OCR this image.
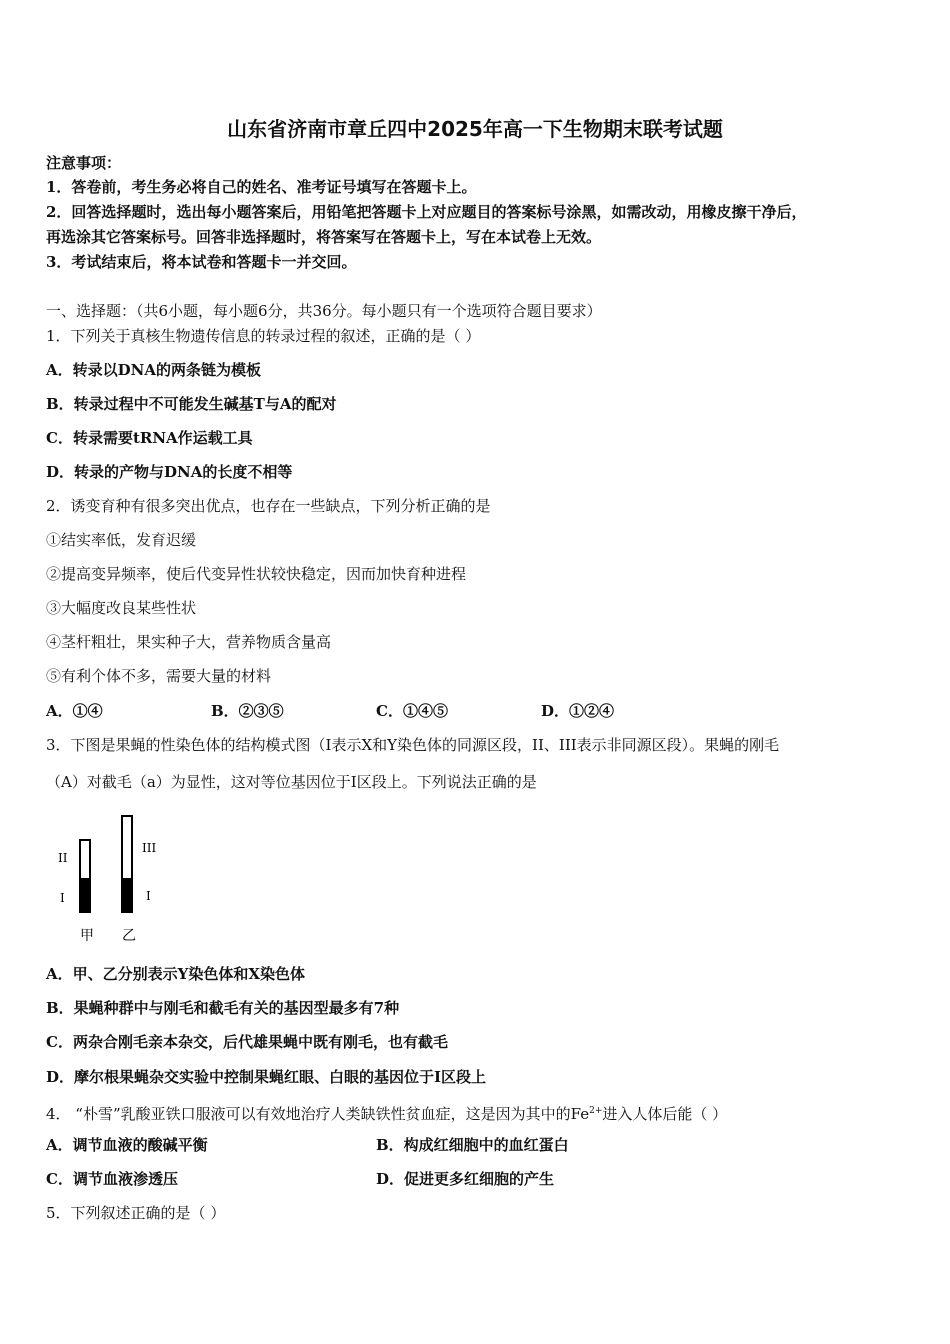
山东省济南市章丘四中2025年高一下生物期末联考试题
注意事项：
1．答卷前，考生务必将自己的姓名、准考证号填写在答题卡上。
2．回答选择题时，选出每小题答案后，用铅笔把答题卡上对应题目的答案标号涂黑，如需改动，用橡皮擦干净后，
再选涂其它答案标号。回答非选择题时，将答案写在答题卡上，写在本试卷上无效。
3．考试结束后，将本试卷和答题卡一并交回。
一、选择题：（共6小题，每小题6分，共36分。每小题只有一个选项符合题目要求）
1．下列关于真核生物遗传信息的转录过程的叙述，正确的是（ ）
A．转录以DNA的两条链为模板
B．转录过程中不可能发生碱基T与A的配对
C．转录需要tRNA作运载工具
D．转录的产物与DNA的长度不相等
2．诱变育种有很多突出优点，也存在一些缺点，下列分析正确的是
①结实率低，发育迟缓
②提高变异频率，使后代变异性状较快稳定，因而加快育种进程
③大幅度改良某些性状
④茎杆粗壮，果实种子大，营养物质含量高
⑤有利个体不多，需要大量的材料
A．①④	B．②③⑤	C．①④⑤	D．①②④
3．下图是果蝇的性染色体的结构模式图（I表示X和Y染色体的同源区段，II、III表示非同源区段）。果蝇的刚毛
（A）对截毛（a）为显性，这对等位基因位于I区段上。下列说法正确的是
II
I
III
I
甲 乙
A．甲、乙分别表示Y染色体和X染色体
B．果蝇种群中与刚毛和截毛有关的基因型最多有7种
C．两杂合刚毛亲本杂交，后代雄果蝇中既有刚毛，也有截毛
D．摩尔根果蝇杂交实验中控制果蝇红眼、白眼的基因位于I区段上
4． “朴雪”乳酸亚铁口服液可以有效地治疗人类缺铁性贫血症，这是因为其中的$Fe^{2+}$进入人体后能（ ）
A．调节血液的酸碱平衡	B．构成红细胞中的血红蛋白
C．调节血液渗透压	D．促进更多红细胞的产生
5．下列叙述正确的是（ ）
